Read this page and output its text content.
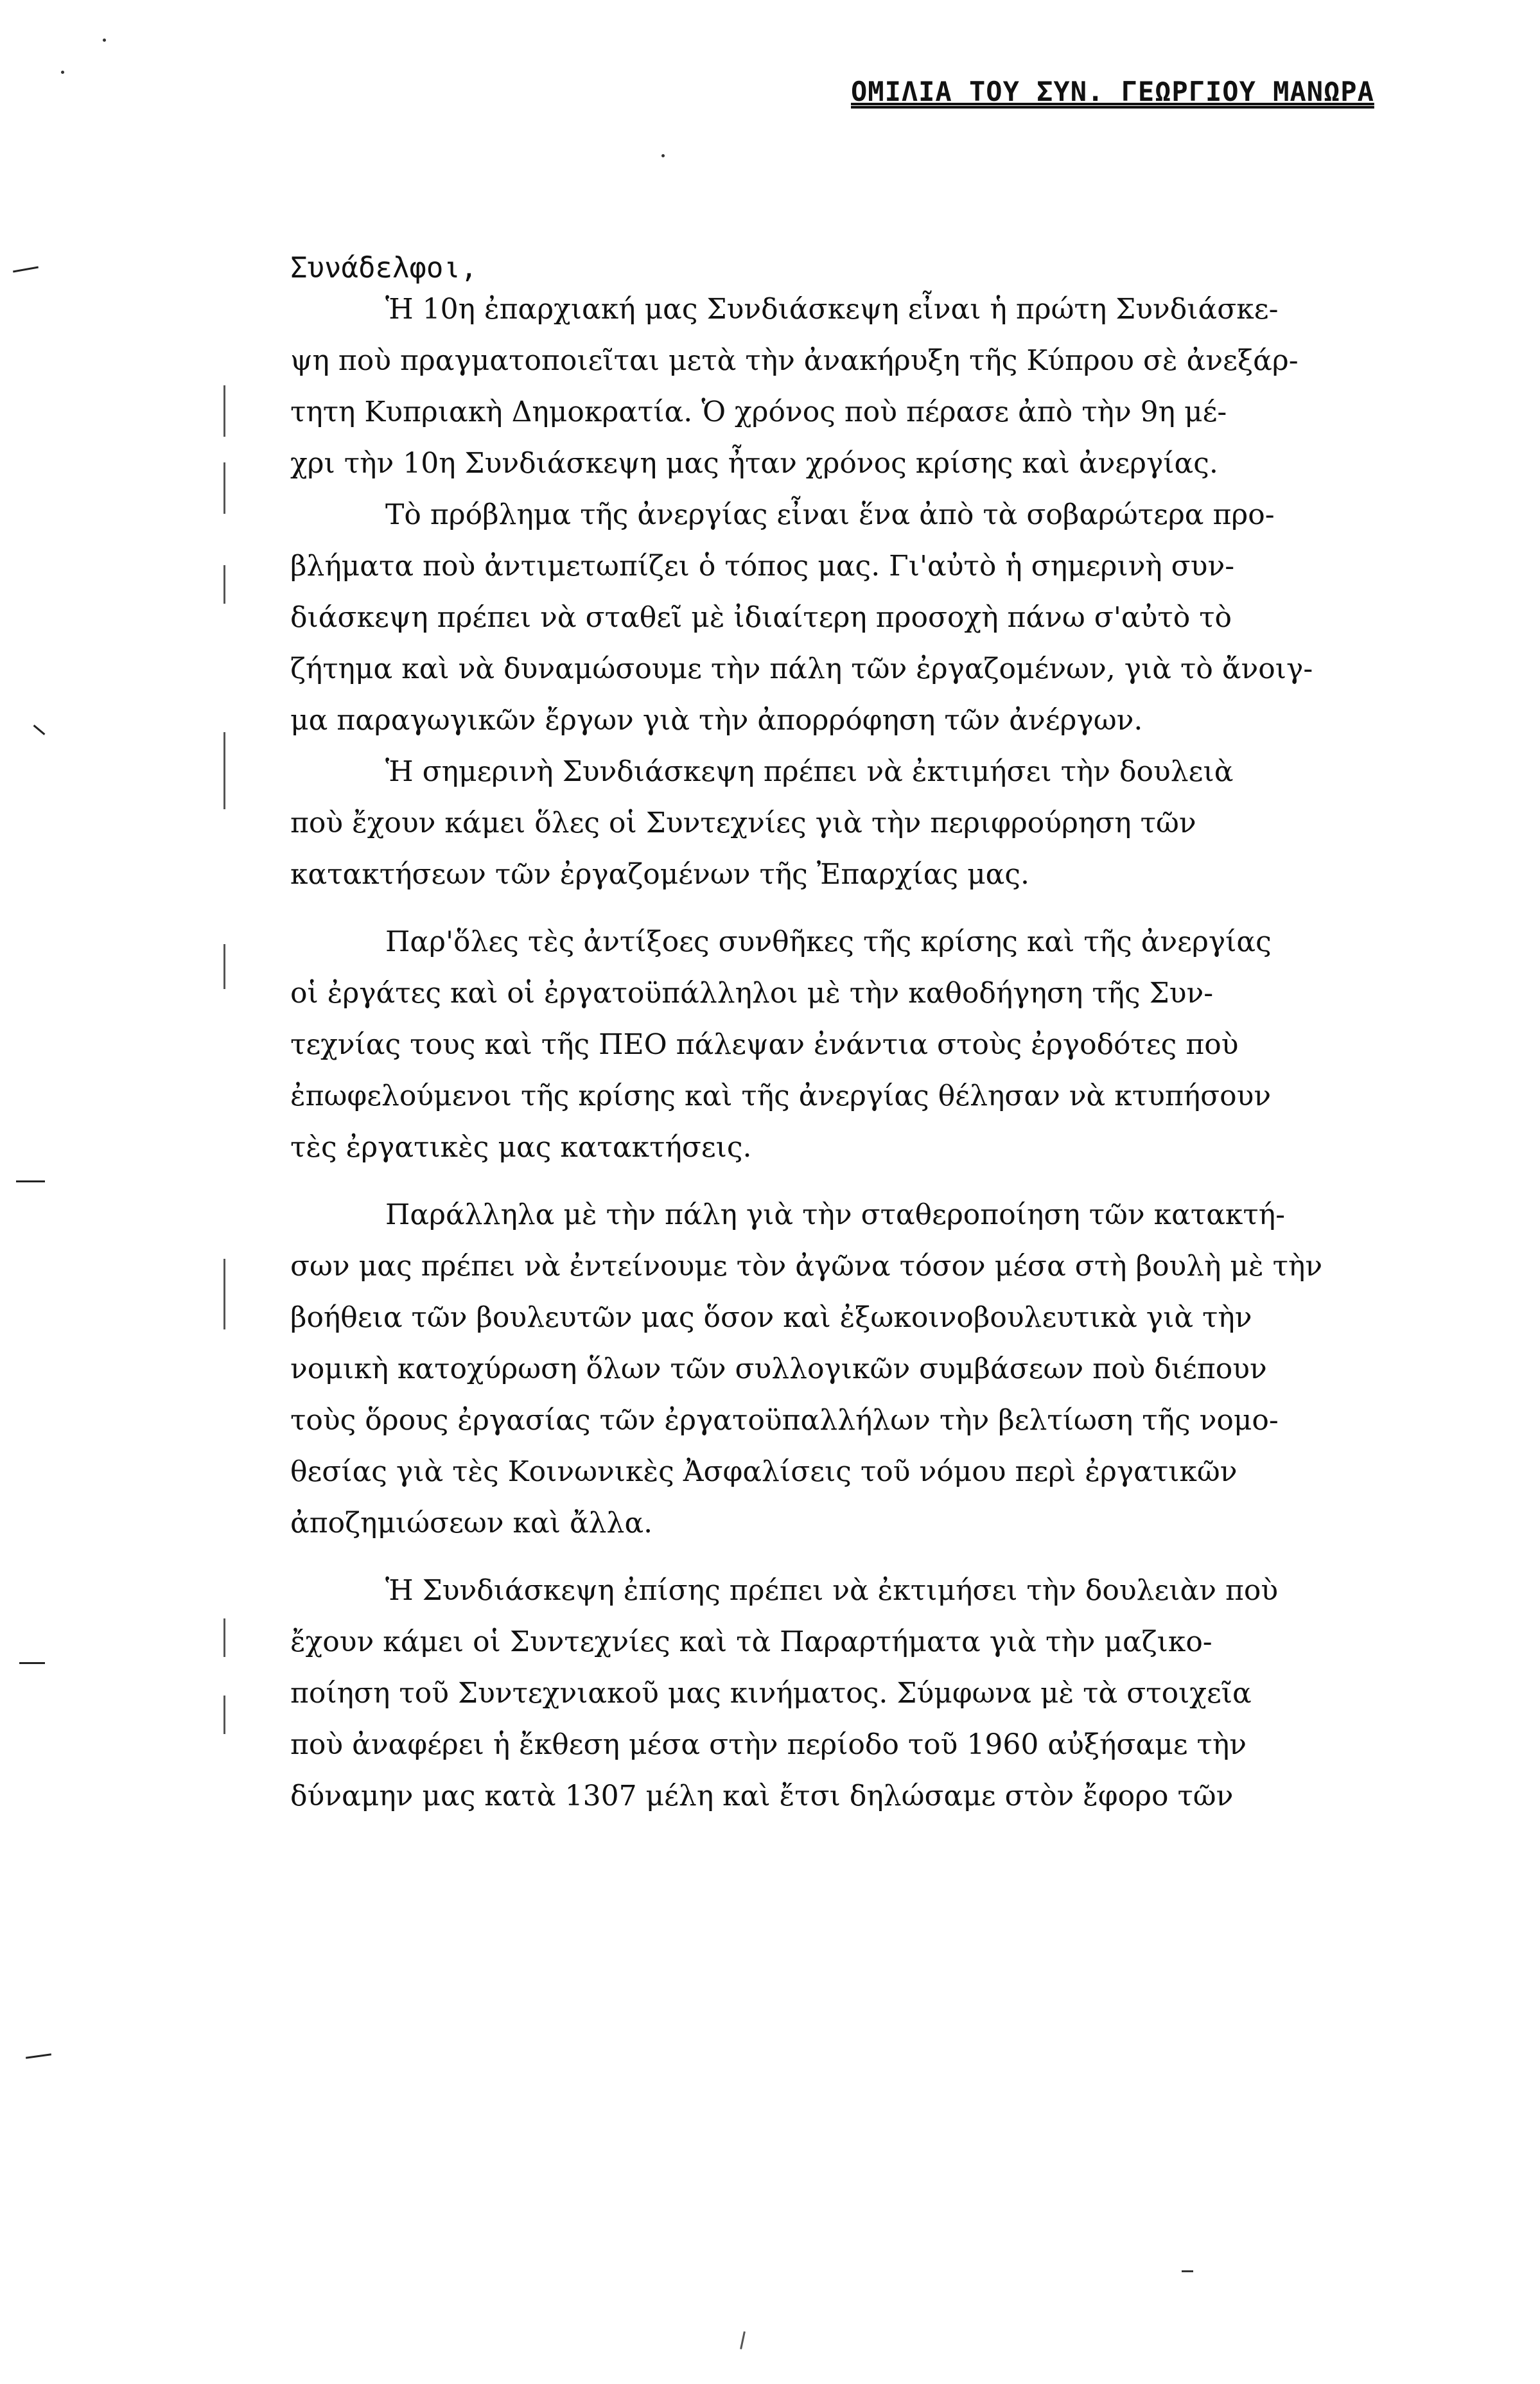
ΟΜΙΛΙΑ ΤΟΥ ΣΥΝ. ΓΕΩΡΓΙΟΥ ΜΑΝΩΡΑ
Συνάδελφοι,
Ἡ 10η ἐπαρχιακή μας Συνδιάσκεψη εἶναι ἡ πρώτη Συνδιάσκε-
ψη ποὺ πραγματοποιεῖται μετὰ τὴν ἀνακήρυξη τῆς Κύπρου σὲ ἀνεξάρ-
τητη Κυπριακὴ Δημοκρατία. Ὁ χρόνος ποὺ πέρασε ἀπὸ τὴν 9η μέ-
χρι τὴν 10η Συνδιάσκεψη μας ἦταν χρόνος κρίσης καὶ ἀνεργίας.
Τὸ πρόβλημα τῆς ἀνεργίας εἶναι ἕνα ἀπὸ τὰ σοβαρώτερα προ-
βλήματα ποὺ ἀντιμετωπίζει ὁ τόπος μας. Γι'αὐτὸ ἡ σημερινὴ συν-
διάσκεψη πρέπει νὰ σταθεῖ μὲ ἰδιαίτερη προσοχὴ πάνω σ'αὐτὸ τὸ
ζήτημα καὶ νὰ δυναμώσουμε τὴν πάλη τῶν ἐργαζομένων, γιὰ τὸ ἄνοιγ-
μα παραγωγικῶν ἔργων γιὰ τὴν ἀπορρόφηση τῶν ἀνέργων.
Ἡ σημερινὴ Συνδιάσκεψη πρέπει νὰ ἐκτιμήσει τὴν δουλειὰ
ποὺ ἔχουν κάμει ὅλες οἱ Συντεχνίες γιὰ τὴν περιφρούρηση τῶν
κατακτήσεων τῶν ἐργαζομένων τῆς Ἐπαρχίας μας.
Παρ'ὅλες τὲς ἀντίξοες συνθῆκες τῆς κρίσης καὶ τῆς ἀνεργίας
οἱ ἐργάτες καὶ οἱ ἐργατοϋπάλληλοι μὲ τὴν καθοδήγηση τῆς Συν-
τεχνίας τους καὶ τῆς ΠΕΟ πάλεψαν ἐνάντια στοὺς ἐργοδότες ποὺ
ἐπωφελούμενοι τῆς κρίσης καὶ τῆς ἀνεργίας θέλησαν νὰ κτυπήσουν
τὲς ἐργατικὲς μας κατακτήσεις.
Παράλληλα μὲ τὴν πάλη γιὰ τὴν σταθεροποίηση τῶν κατακτή-
σων μας πρέπει νὰ ἐντείνουμε τὸν ἀγῶνα τόσον μέσα στὴ βουλὴ μὲ τὴν
βοήθεια τῶν βουλευτῶν μας ὅσον καὶ ἐξωκοινοβουλευτικὰ γιὰ τὴν
νομικὴ κατοχύρωση ὅλων τῶν συλλογικῶν συμβάσεων ποὺ διέπουν
τοὺς ὅρους ἐργασίας τῶν ἐργατοϋπαλλήλων τὴν βελτίωση τῆς νομο-
θεσίας γιὰ τὲς Κοινωνικὲς Ἀσφαλίσεις τοῦ νόμου περὶ ἐργατικῶν
ἀποζημιώσεων καὶ ἄλλα.
Ἡ Συνδιάσκεψη ἐπίσης πρέπει νὰ ἐκτιμήσει τὴν δουλειὰν ποὺ
ἔχουν κάμει οἱ Συντεχνίες καὶ τὰ Παραρτήματα γιὰ τὴν μαζικο-
ποίηση τοῦ Συντεχνιακοῦ μας κινήματος. Σύμφωνα μὲ τὰ στοιχεῖα
ποὺ ἀναφέρει ἡ ἔκθεση μέσα στὴν περίοδο τοῦ 1960 αὐξήσαμε τὴν
δύναμην μας κατὰ 1307 μέλη καὶ ἔτσι δηλώσαμε στὸν ἔφορο τῶν
